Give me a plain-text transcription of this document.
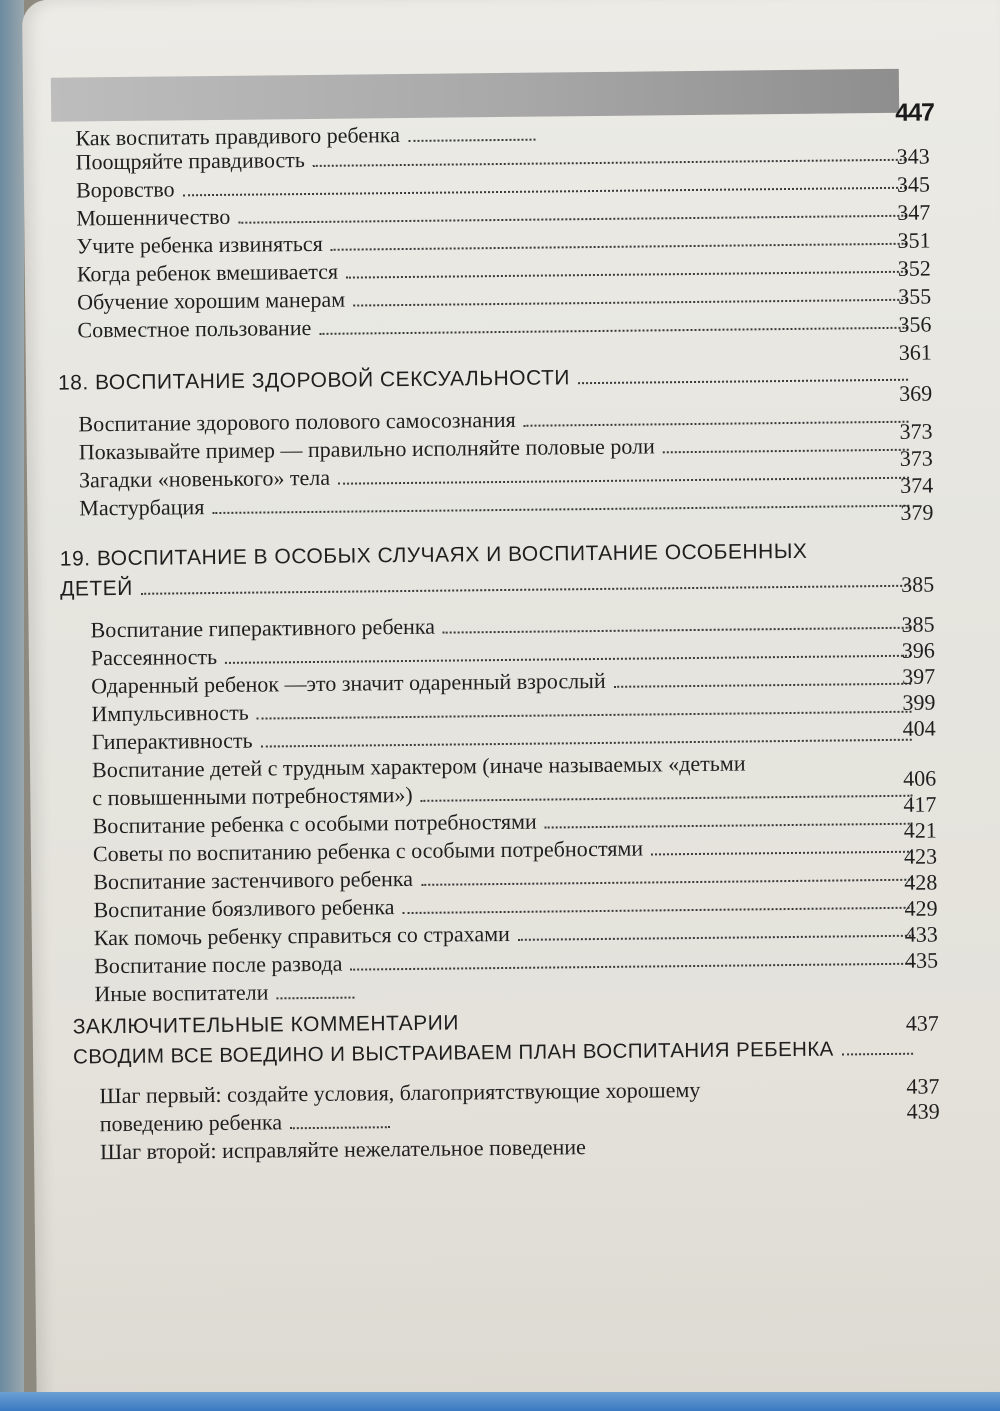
447
Как воспитать правдивого ребенка
Поощряйте правдивость
Воровство
Мошенничество
Учите ребенка извиняться
Когда ребенок вмешивается
Обучение хорошим манерам
Совместное пользование
18. ВОСПИТАНИЕ ЗДОРОВОЙ СЕКСУАЛЬНОСТИ
Воспитание здорового полового самосознания
Показывайте пример — правильно исполняйте половые роли
Загадки «новенького» тела
Мастурбация
19. ВОСПИТАНИЕ В ОСОБЫХ СЛУЧАЯХ И ВОСПИТАНИЕ ОСОБЕННЫХ
ДЕТЕЙ
Воспитание гиперактивного ребенка
Рассеянность
Одаренный ребенок —это значит одаренный взрослый
Импульсивность
Гиперактивность
Воспитание детей с трудным характером (иначе называемых «детьми
с повышенными потребностями»)
Воспитание ребенка с особыми потребностями
Советы по воспитанию ребенка с особыми потребностями
Воспитание застенчивого ребенка
Воспитание боязливого ребенка
Как помочь ребенку справиться со страхами
Воспитание после развода
Иные воспитатели
ЗАКЛЮЧИТЕЛЬНЫЕ КОММЕНТАРИИ
СВОДИМ ВСЕ ВОЕДИНО И ВЫСТРАИВАЕМ ПЛАН ВОСПИТАНИЯ РЕБЕНКА
Шаг первый: создайте условия, благоприятствующие хорошему
поведению ребенка
Шаг второй: исправляйте нежелательное поведение
343
345
347
351
352
355
356
361
369
373
373
374
379
385
385
396
397
399
404
406
417
421
423
428
429
433
435
437
437
439
